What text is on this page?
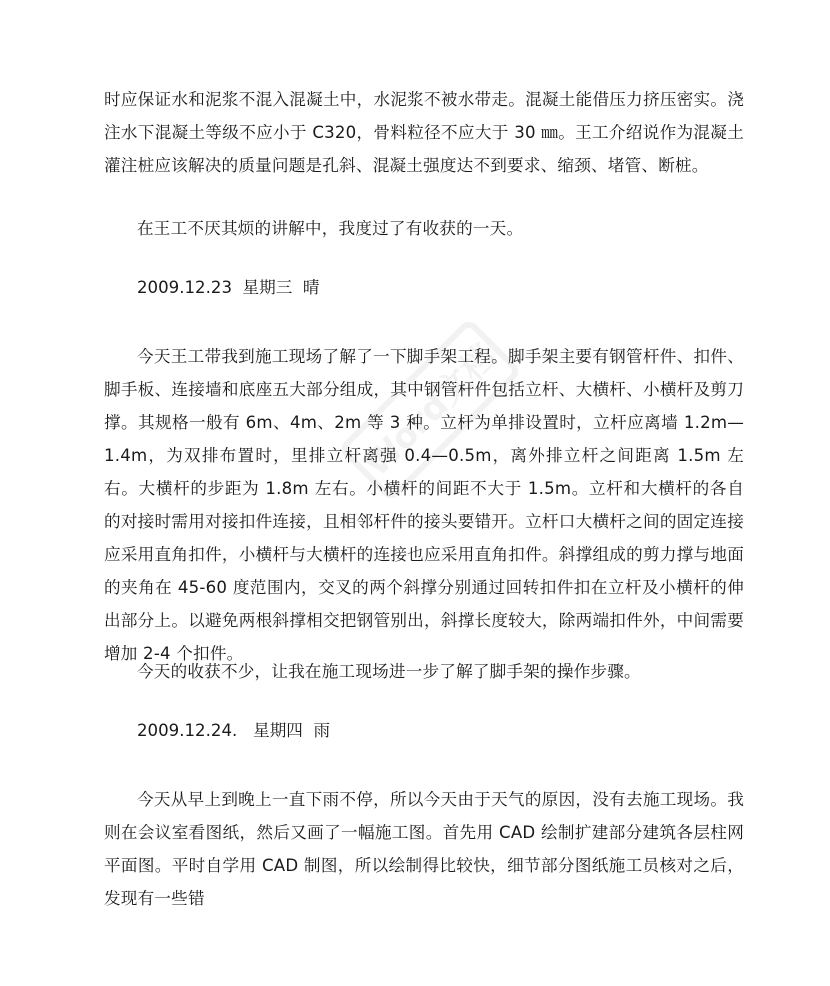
Word文档

时应保证水和泥浆不混入混凝土中，水泥浆不被水带走。混凝土能借压力挤压密实。浇注水下混凝土等级不应小于 C320，骨料粒径不应大于 30 ㎜。王工介绍说作为混凝土灌注桩应该解决的质量问题是孔斜、混凝土强度达不到要求、缩颈、堵管、断桩。

在王工不厌其烦的讲解中，我度过了有收获的一天。

2009.12.23  星期三  晴

今天王工带我到施工现场了解了一下脚手架工程。脚手架主要有钢管杆件、扣件、脚手板、连接墙和底座五大部分组成，其中钢管杆件包括立杆、大横杆、小横杆及剪刀撑。其规格一般有 6m、4m、2m 等 3 种。立杆为单排设置时，立杆应离墙 1.2m—1.4m，为双排布置时，里排立杆离强 0.4—0.5m，离外排立杆之间距离 1.5m 左右。大横杆的步距为 1.8m 左右。小横杆的间距不大于 1.5m。立杆和大横杆的各自的对接时需用对接扣件连接，且相邻杆件的接头要错开。立杆口大横杆之间的固定连接应采用直角扣件，小横杆与大横杆的连接也应采用直角扣件。斜撑组成的剪力撑与地面的夹角在 45-60 度范围内，交叉的两个斜撑分别通过回转扣件扣在立杆及小横杆的伸出部分上。以避免两根斜撑相交把钢管别出，斜撑长度较大，除两端扣件外，中间需要增加 2-4 个扣件。

今天的收获不少，让我在施工现场进一步了解了脚手架的操作步骤。

2009.12.24.   星期四  雨

今天从早上到晚上一直下雨不停，所以今天由于天气的原因，没有去施工现场。我则在会议室看图纸，然后又画了一幅施工图。首先用 CAD 绘制扩建部分建筑各层柱网平面图。平时自学用 CAD 制图，所以绘制得比较快，细节部分图纸施工员核对之后，发现有一些错
